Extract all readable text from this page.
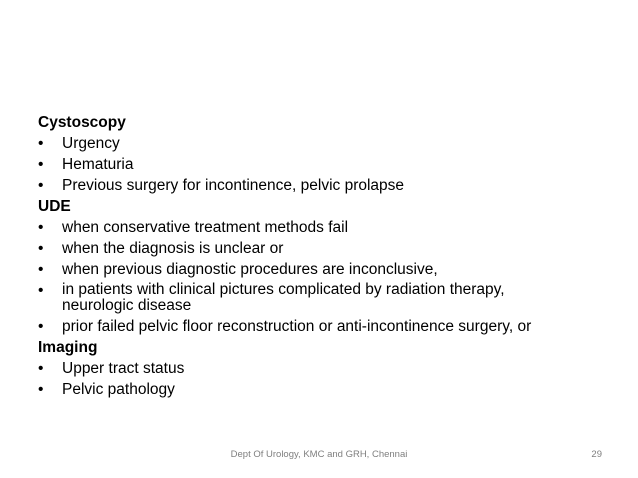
Cystoscopy

•	Urgency
•	Hematuria
•	Previous surgery for incontinence, pelvic prolapse

UDE

•	when conservative treatment methods fail
•	when the diagnosis is unclear or
•	when previous diagnostic procedures are inconclusive,
•	in patients with clinical pictures complicated by radiation therapy, neurologic disease
•	prior failed pelvic floor reconstruction or anti-incontinence surgery, or

Imaging

•	Upper tract status
•	Pelvic pathology
Dept Of Urology, KMC and GRH, Chennai	29
